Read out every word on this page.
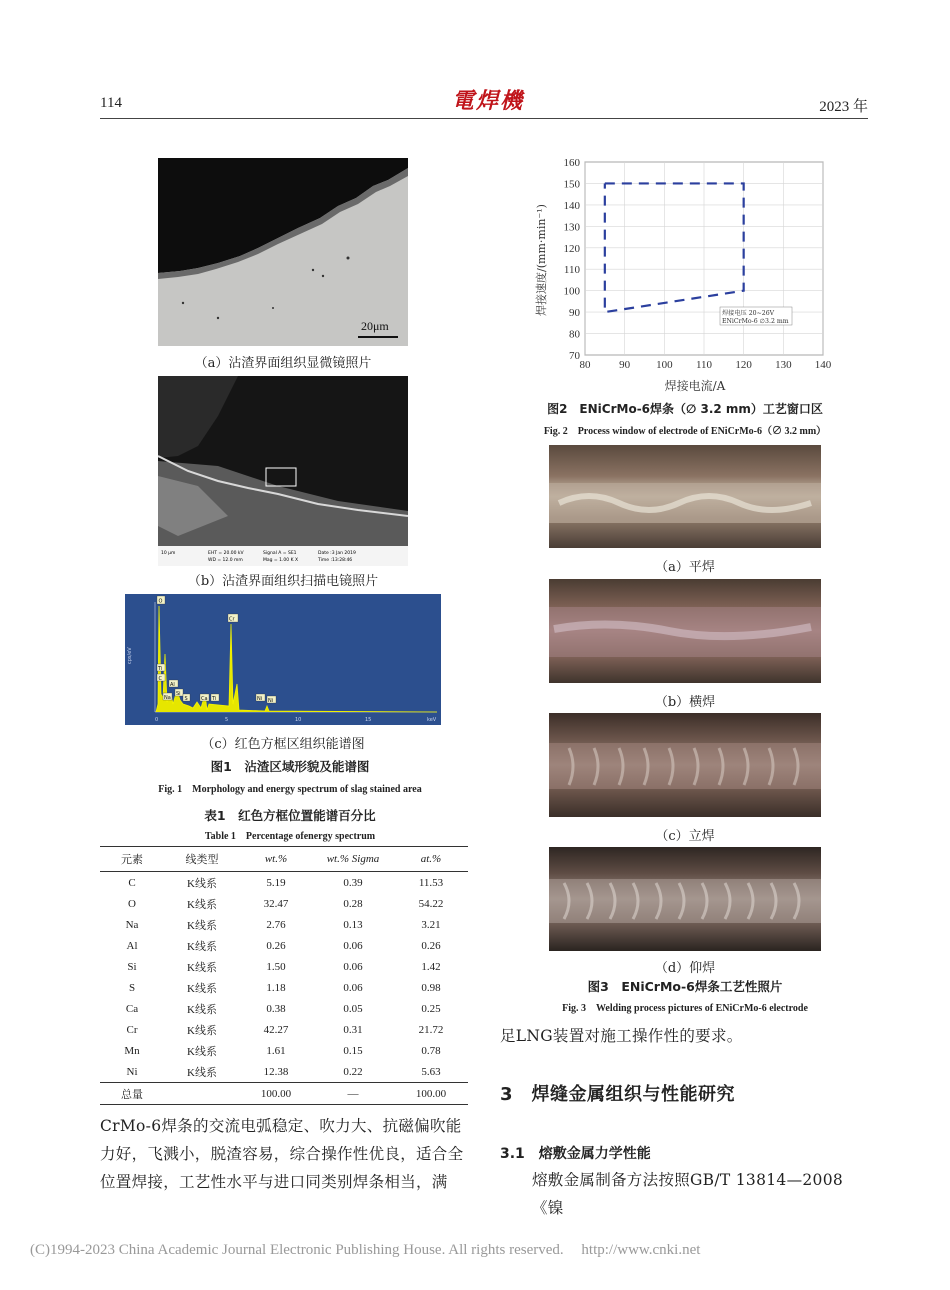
114	電焊機	2023 年
20μm
（a）沾渣界面组织显微镜照片
10 μm	EHT = 20.00 kV
WD = 12.0 mm
Signal A = SE1
Mag = 1.00 K X
Date :3 Jan 2019
Time :13:28:46
（b）沾渣界面组织扫描电镜照片
cps/eV
0	5	10	15	keV
O
Cr
Ti
C
Al
Si
Na	S	Ca Ti	Ni Ni
（c）红色方框区组织能谱图
图1　沾渣区域形貌及能谱图
Fig. 1　Morphology and energy spectrum of slag stained area
表1　红色方框位置能谱百分比
Table 1　Percentage ofenergy spectrum
元素	线类型	wt.%	wt.% Sigma	at.%
C	K线系	5.19	0.39	11.53
O	K线系	32.47	0.28	54.22
Na	K线系	2.76	0.13	3.21
Al	K线系	0.26	0.06	0.26
Si	K线系	1.50	0.06	1.42
S	K线系	1.18	0.06	0.98
Ca	K线系	0.38	0.05	0.25
Cr	K线系	42.27	0.31	21.72
Mn	K线系	1.61	0.15	0.78
Ni	K线系	12.38	0.22	5.63
总量		100.00	—	100.00
CrMo-6焊条的交流电弧稳定、吹力大、抗磁偏吹能
力好，飞溅小，脱渣容易，综合操作性优良，适合全
位置焊接，工艺性水平与进口同类别焊条相当，满
80	90 100 110 120 130 140
70
80
90
100
110
120
130
140
150
160
焊接电流/A
焊接速度/(mm·min⁻¹)	焊接电压 20~26V
ENiCrMo-6 ∅3.2 mm
图2　ENiCrMo-6焊条（∅ 3.2 mm）工艺窗口区
Fig. 2　Process window of electrode of ENiCrMo-6（∅ 3.2 mm）
（a）平焊
（b）横焊
（c）立焊
（d）仰焊
图3　ENiCrMo-6焊条工艺性照片
Fig. 3　Welding process pictures of ENiCrMo-6 electrode
足LNG装置对施工操作性的要求。
3　焊缝金属组织与性能研究
3.1　熔敷金属力学性能
熔敷金属制备方法按照GB/T 13814—2008《镍
(C)1994-2023 China Academic Journal Electronic Publishing House. All rights reserved. http://www.cnki.net
